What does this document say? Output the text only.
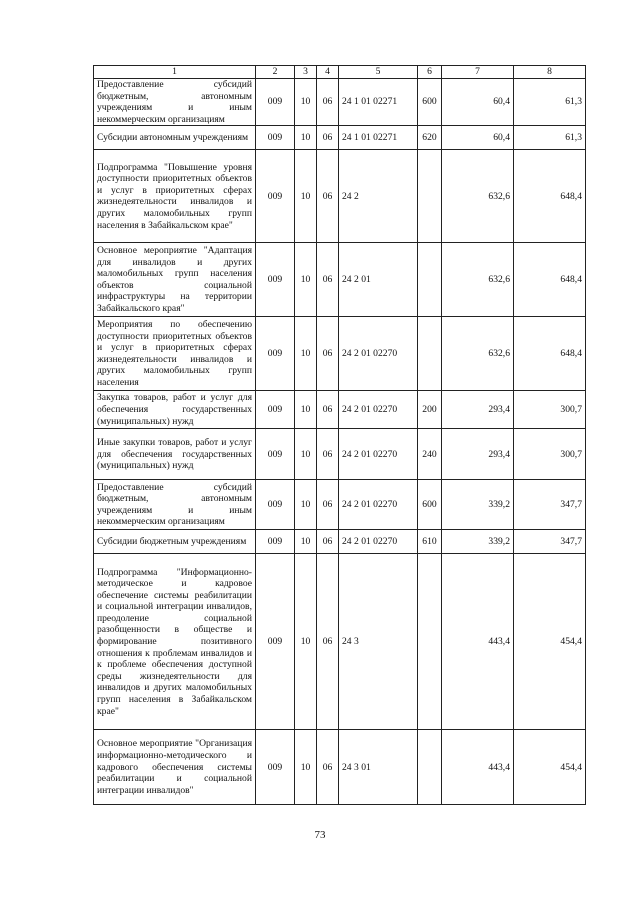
1	2	3	4	5	6	7	8
Предоставление субсидий бюджетным, автономным учреждениям и иным некоммерческим организациям	009	10	06	24 1 01 02271	600	60,4	61,3
Субсидии автономным учреждениям	009	10	06	24 1 01 02271	620	60,4	61,3
Подпрограмма "Повышение уровня доступности приоритетных объектов и услуг в приоритетных сферах жизнедеятельности инвалидов и других маломобильных групп населения в Забайкальском крае"	009	10	06	24 2		632,6	648,4
Основное мероприятие "Адаптация для инвалидов и других маломобильных групп населения объектов социальной инфраструктуры на территории Забайкальского края"	009	10	06	24 2 01		632,6	648,4
Мероприятия по обеспечению доступности приоритетных объектов и услуг в приоритетных сферах жизнедеятельности инвалидов и других маломобильных групп населения	009	10	06	24 2 01 02270		632,6	648,4
Закупка товаров, работ и услуг для обеспечения государственных (муниципальных) нужд	009	10	06	24 2 01 02270	200	293,4	300,7
Иные закупки товаров, работ и услуг для обеспечения государственных (муниципальных) нужд	009	10	06	24 2 01 02270	240	293,4	300,7
Предоставление субсидий бюджетным, автономным учреждениям и иным некоммерческим организациям	009	10	06	24 2 01 02270	600	339,2	347,7
Субсидии бюджетным учреждениям	009	10	06	24 2 01 02270	610	339,2	347,7
Подпрограмма "Информационно-методическое и кадровое обеспечение системы реабилитации и социальной интеграции инвалидов, преодоление социальной разобщенности в обществе и формирование позитивного отношения к проблемам инвалидов и к проблеме обеспечения доступной среды жизнедеятельности для инвалидов и других маломобильных групп населения в Забайкальском крае"	009	10	06	24 3		443,4	454,4
Основное мероприятие "Организация информационно-методического и кадрового обеспечения системы реабилитации и социальной интеграции инвалидов"	009	10	06	24 3 01		443,4	454,4
73
